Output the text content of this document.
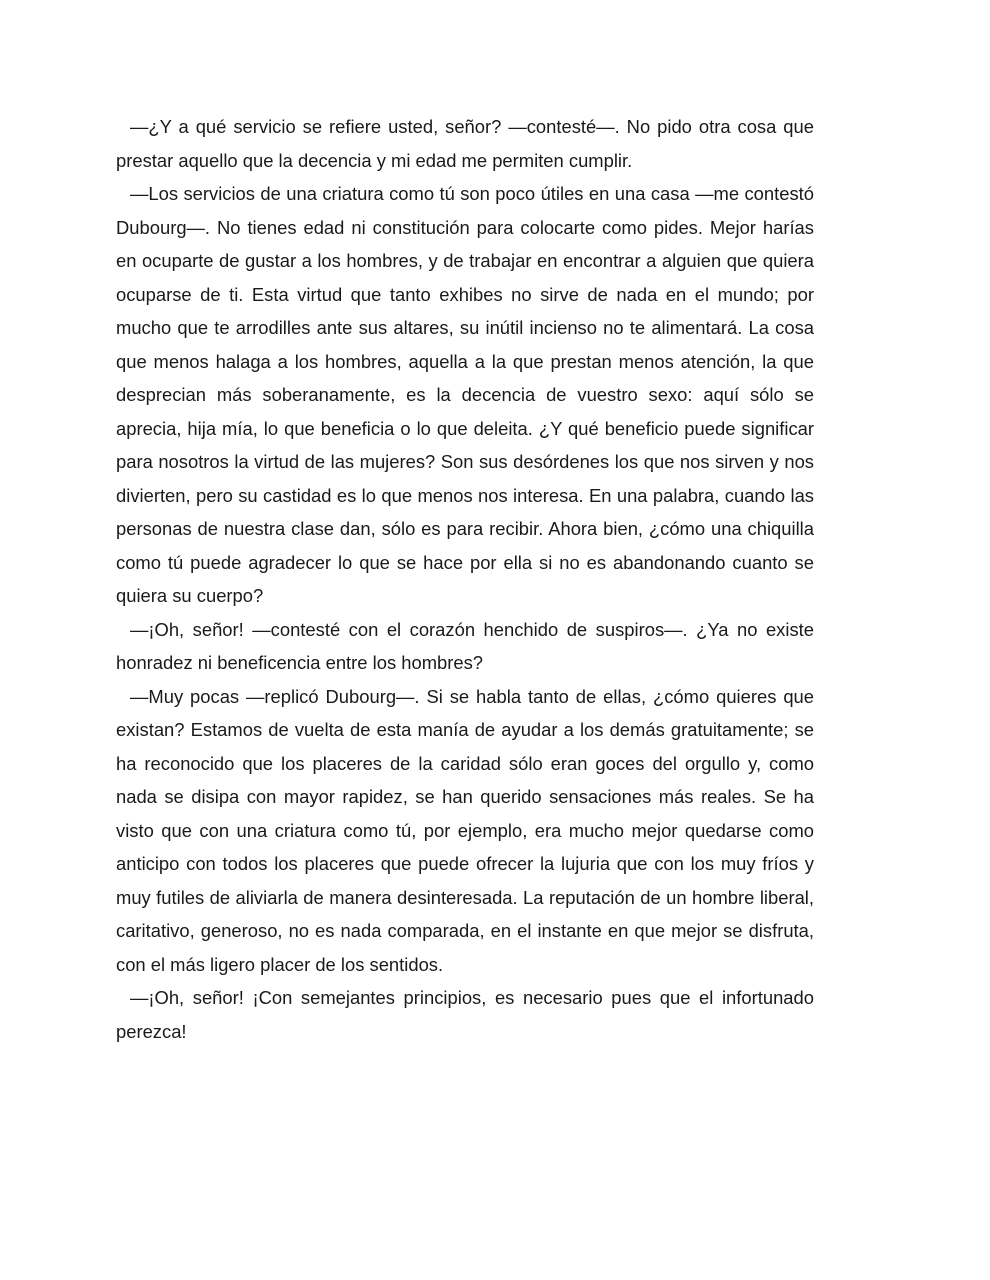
—¿Y a qué servicio se refiere usted, señor? —contesté—. No pido otra cosa que prestar aquello que la decencia y mi edad me permiten cumplir.

—Los servicios de una criatura como tú son poco útiles en una casa —me contestó Dubourg—. No tienes edad ni constitución para colocarte como pides. Mejor harías en ocuparte de gustar a los hombres, y de trabajar en encontrar a alguien que quiera ocuparse de ti. Esta virtud que tanto exhibes no sirve de nada en el mundo; por mucho que te arrodilles ante sus altares, su inútil incienso no te alimentará. La cosa que menos halaga a los hombres, aquella a la que prestan menos atención, la que desprecian más soberanamente, es la decencia de vuestro sexo: aquí sólo se aprecia, hija mía, lo que beneficia o lo que deleita. ¿Y qué beneficio puede significar para nosotros la virtud de las mujeres? Son sus desórdenes los que nos sirven y nos divierten, pero su castidad es lo que menos nos interesa. En una palabra, cuando las personas de nuestra clase dan, sólo es para recibir. Ahora bien, ¿cómo una chiquilla como tú puede agradecer lo que se hace por ella si no es abandonando cuanto se quiera su cuerpo?

—¡Oh, señor! —contesté con el corazón henchido de suspiros—. ¿Ya no existe honradez ni beneficencia entre los hombres?

—Muy pocas —replicó Dubourg—. Si se habla tanto de ellas, ¿cómo quieres que existan? Estamos de vuelta de esta manía de ayudar a los demás gratuitamente; se ha reconocido que los placeres de la caridad sólo eran goces del orgullo y, como nada se disipa con mayor rapidez, se han querido sensaciones más reales. Se ha visto que con una criatura como tú, por ejemplo, era mucho mejor quedarse como anticipo con todos los placeres que puede ofrecer la lujuria que con los muy fríos y muy futiles de aliviarla de manera desinteresada. La reputación de un hombre liberal, caritativo, generoso, no es nada comparada, en el instante en que mejor se disfruta, con el más ligero placer de los sentidos.

—¡Oh, señor! ¡Con semejantes principios, es necesario pues que el infortunado perezca!
